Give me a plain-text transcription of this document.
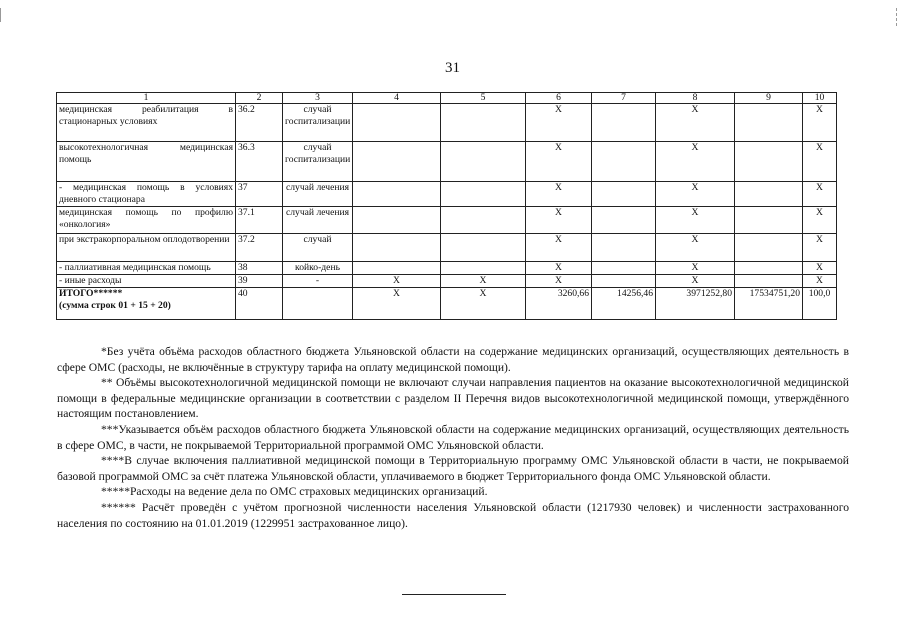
31
1	2	3	4	5	6	7	8	9	10
медицинская реабилитация в стационарных условиях	36.2	случай госпитализации			X		X		X
высокотехнологичная медицинская помощь	36.3	случай госпитализации			X		X		X
- медицинская помощь в условиях дневного стационара	37	случай лечения			X		X		X
медицинская помощь по профилю «онкология»	37.1	случай лечения			X		X		X
при экстракорпоральном оплодотворении	37.2	случай			X		X		X
- паллиативная медицинская помощь	38	койко-день			X		X		X
- иные расходы	39	-	X	X	X		X		X

ИТОГО******
(сумма строк 01 + 15 + 20)	40		X	X	3260,66	14256,46	3971252,80	17534751,20	100,0

*Без учёта объёма расходов областного бюджета Ульяновской области на содержание медицинских организаций, осуществляющих деятельность в сфере ОМС (расходы, не включённые в структуру тарифа на оплату медицинской помощи).

** Объёмы высокотехнологичной медицинской помощи не включают случаи направления пациентов на оказание высокотехнологичной медицинской помощи в федеральные медицинские организации в соответствии с разделом II Перечня видов высокотехнологичной медицинской помощи, утверждённого настоящим постановлением.

***Указывается объём расходов областного бюджета Ульяновской области на содержание медицинских организаций, осуществляющих деятельность в сфере ОМС, в части, не покрываемой Территориальной программой ОМС Ульяновской области.

****В случае включения паллиативной медицинской помощи в Территориальную программу ОМС Ульяновской области в части, не покрываемой базовой программой ОМС за счёт платежа Ульяновской области, уплачиваемого в бюджет Территориального фонда ОМС Ульяновской области.

*****Расходы на ведение дела по ОМС страховых медицинских организаций.

****** Расчёт проведён с учётом прогнозной численности населения Ульяновской области (1217930 человек) и численности застрахованного населения по состоянию на 01.01.2019 (1229951 застрахованное лицо).
